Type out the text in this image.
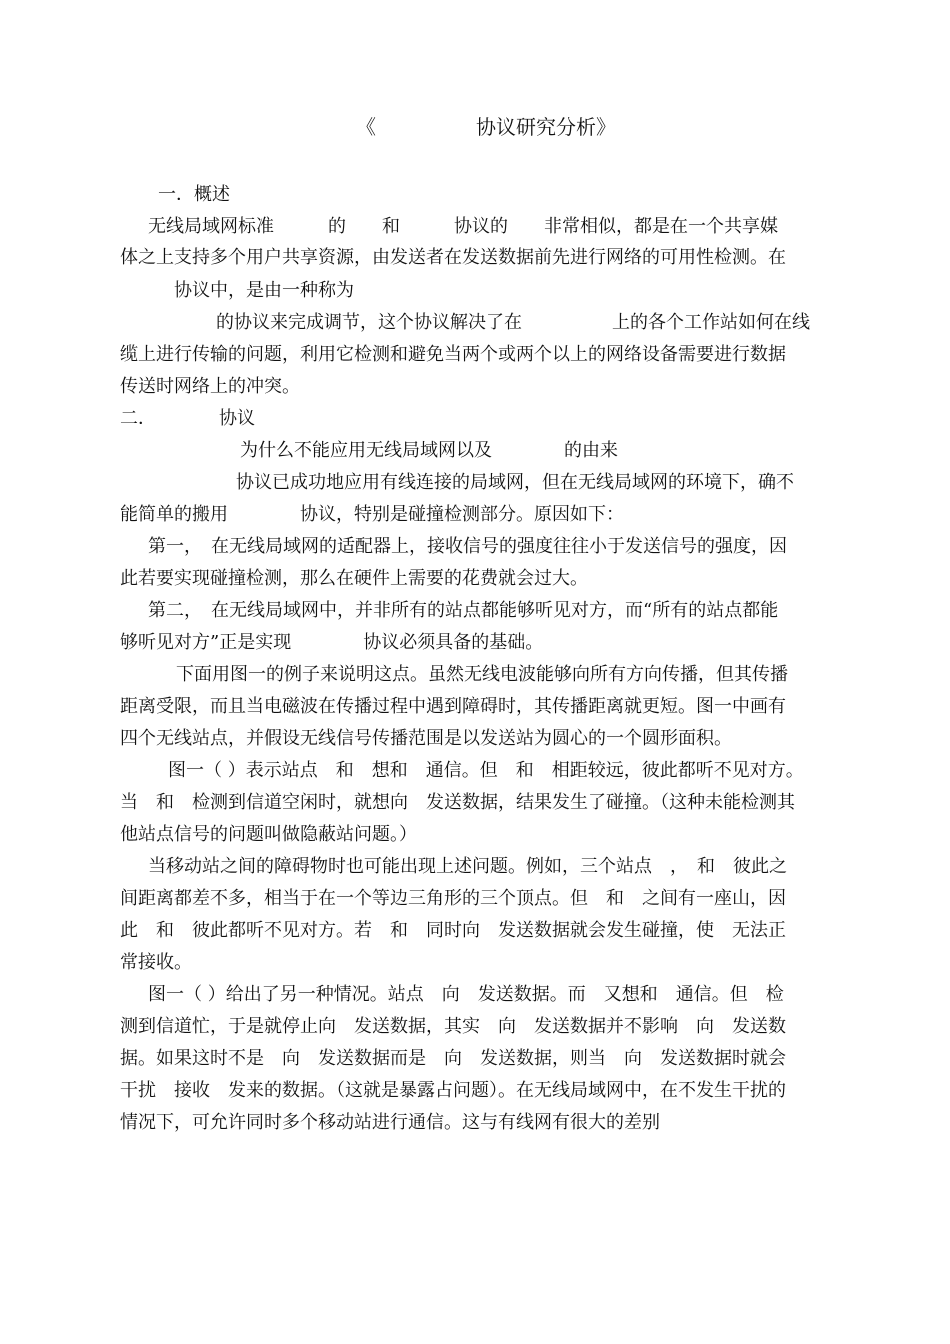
《　　　　　协议研究分析》
一．概述
无线局域网标准　　　的　　和　　　协议的　　非常相似，都是在一个共享媒
体之上支持多个用户共享资源，由发送者在发送数据前先进行网络的可用性检测。在
协议中，是由一种称为
的协议来完成调节，这个协议解决了在　　　　　上的各个工作站如何在线
缆上进行传输的问题，利用它检测和避免当两个或两个以上的网络设备需要进行数据
传送时网络上的冲突。
二．　　　　协议
为什么不能应用无线局域网以及　　　　的由来
协议已成功地应用有线连接的局域网，但在无线局域网的环境下，确不
能简单的搬用　　　　协议，特别是碰撞检测部分。原因如下：
第一，　在无线局域网的适配器上，接收信号的强度往往小于发送信号的强度，因
此若要实现碰撞检测，那么在硬件上需要的花费就会过大。
第二，　在无线局域网中，并非所有的站点都能够听见对方，而“所有的站点都能
够听见对方”正是实现　　　　协议必须具备的基础。
下面用图一的例子来说明这点。虽然无线电波能够向所有方向传播，但其传播
距离受限，而且当电磁波在传播过程中遇到障碍时，其传播距离就更短。图一中画有
四个无线站点，并假设无线信号传播范围是以发送站为圆心的一个圆形面积。
图一（ ）表示站点　和　想和　通信。但　和　相距较远，彼此都听不见对方。
当　和　检测到信道空闲时，就想向　发送数据，结果发生了碰撞。（这种未能检测其
他站点信号的问题叫做隐蔽站问题。）
当移动站之间的障碍物时也可能出现上述问题。例如，三个站点　，　和　彼此之
间距离都差不多，相当于在一个等边三角形的三个顶点。但　和　之间有一座山，因
此　和　彼此都听不见对方。若　和　同时向　发送数据就会发生碰撞，使　无法正
常接收。
图一（ ）给出了另一种情况。站点　向　发送数据。而　又想和　通信。但　检
测到信道忙，于是就停止向　发送数据，其实　向　发送数据并不影响　向　发送数
据。如果这时不是　向　发送数据而是　向　发送数据，则当　向　发送数据时就会
干扰　接收　发来的数据。（这就是暴露占问题）。在无线局域网中，在不发生干扰的
情况下，可允许同时多个移动站进行通信。这与有线网有很大的差别
